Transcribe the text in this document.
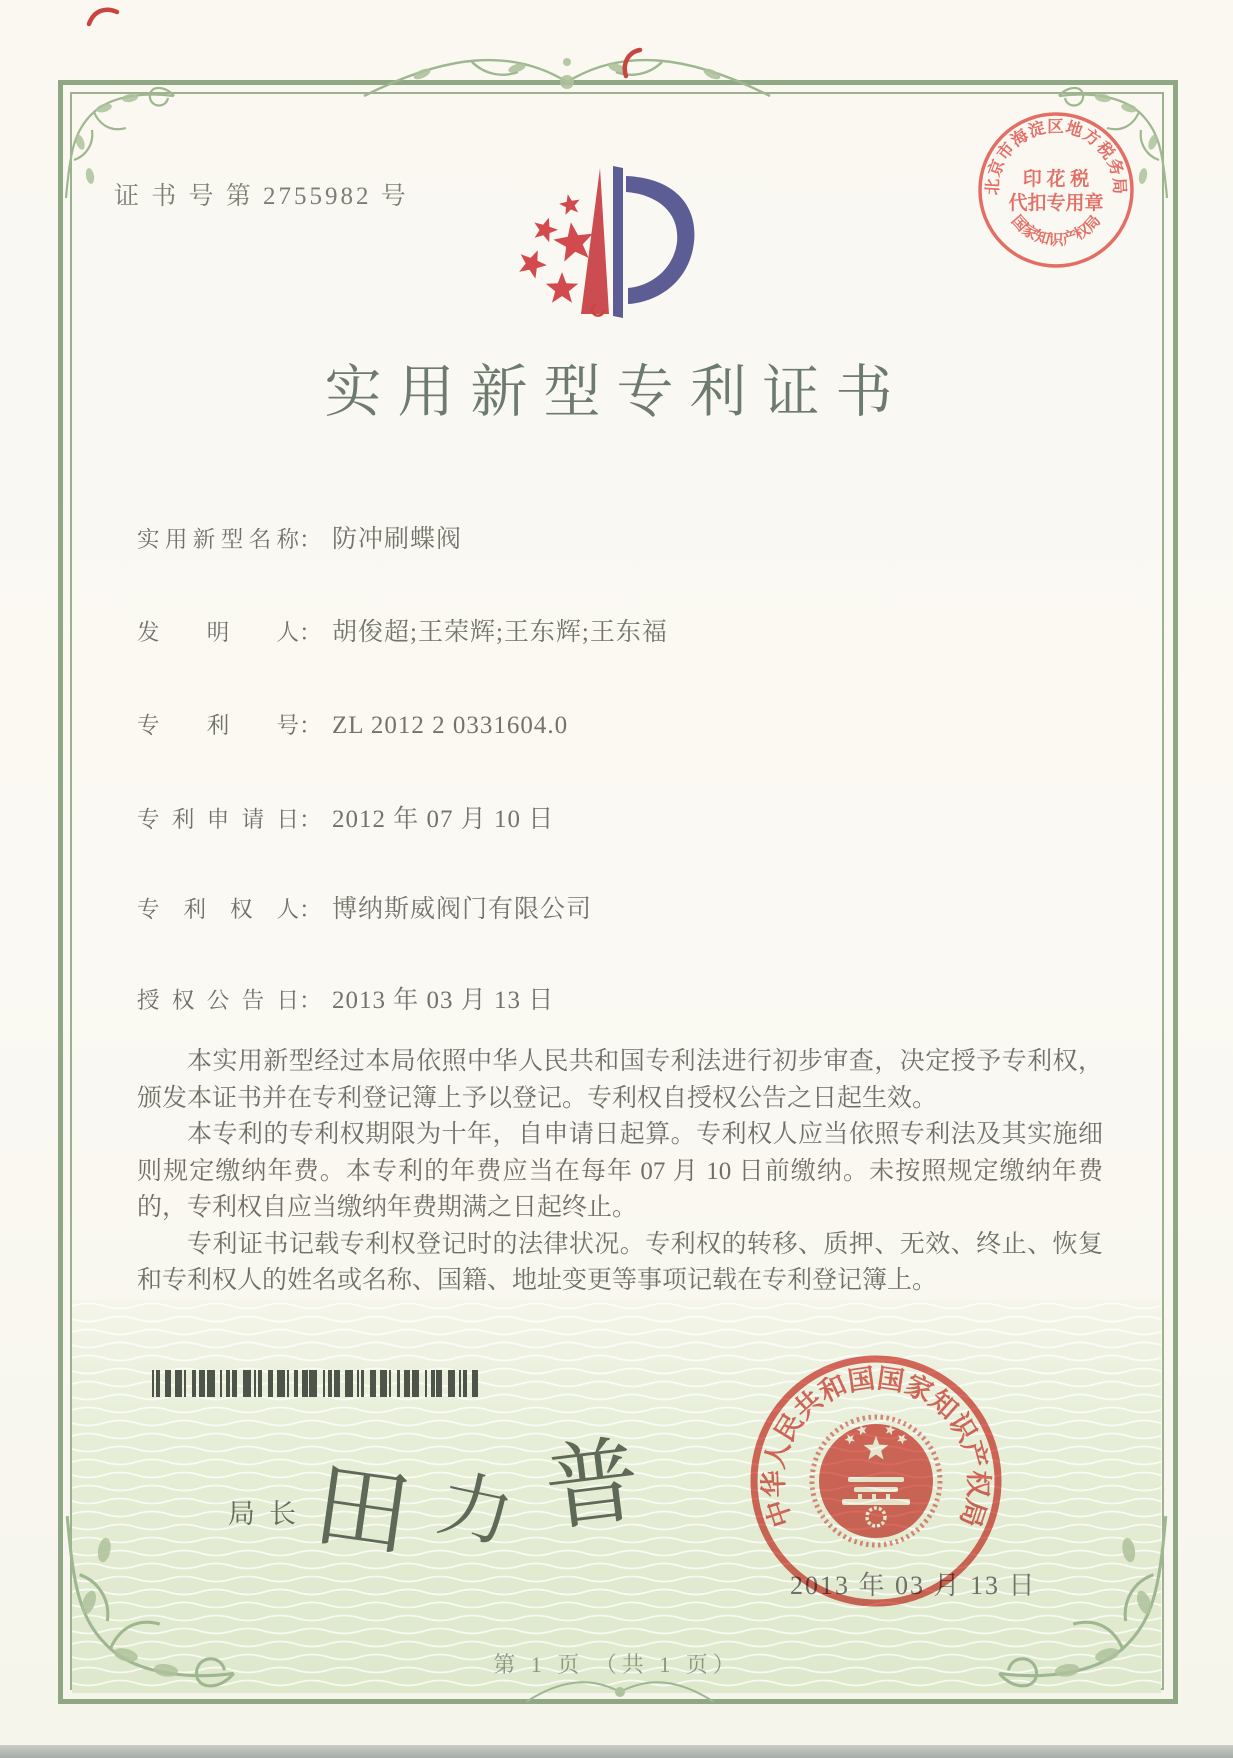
证 书 号 第 2755982 号	北京市海淀区地方税务局
印 花 税
代扣专用章
国家知识产权局
实用新型专利证书
实用新型名称： 防冲刷蝶阀
发明人： 胡俊超;王荣辉;王东辉;王东福
专利号： ZL 2012 2 0331604.0
专利申请日： 2012 年 07 月 10 日
专利权人： 博纳斯威阀门有限公司
授权公告日： 2013 年 03 月 13 日

本实用新型经过本局依照中华人民共和国专利法进行初步审查，决定授予专利权，颁发本证书并在专利登记簿上予以登记。专利权自授权公告之日起生效。

本专利的专利权期限为十年，自申请日起算。专利权人应当依照专利法及其实施细则规定缴纳年费。本专利的年费应当在每年 07 月 10 日前缴纳。未按照规定缴纳年费的，专利权自应当缴纳年费期满之日起终止。

专利证书记载专利权登记时的法律状况。专利权的转移、质押、无效、终止、恢复和专利权人的姓名或名称、国籍、地址变更等事项记载在专利登记簿上。

局长
田 力 普	中华人民共和国国家知识产权局
2013 年 03 月 13 日
第 1 页 （共 1 页）
